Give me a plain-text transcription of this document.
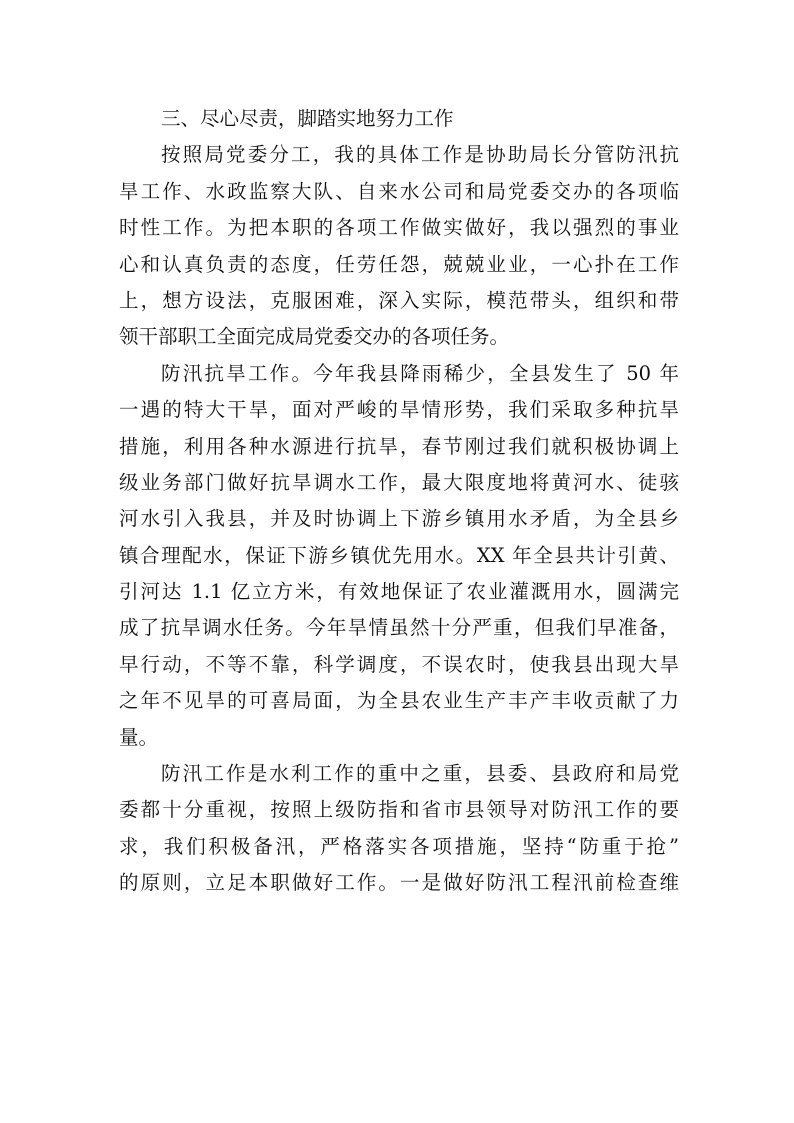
三、尽心尽责，脚踏实地努力工作

按照局党委分工，我的具体工作是协助局长分管防汛抗
旱工作、水政监察大队、自来水公司和局党委交办的各项临
时性工作。为把本职的各项工作做实做好，我以强烈的事业
心和认真负责的态度，任劳任怨，兢兢业业，一心扑在工作
上，想方设法，克服困难，深入实际，模范带头，组织和带
领干部职工全面完成局党委交办的各项任务。
防汛抗旱工作。今年我县降雨稀少，全县发生了 50 年
一遇的特大干旱，面对严峻的旱情形势，我们采取多种抗旱
措施，利用各种水源进行抗旱，春节刚过我们就积极协调上
级业务部门做好抗旱调水工作，最大限度地将黄河水、徒骇
河水引入我县，并及时协调上下游乡镇用水矛盾，为全县乡
镇合理配水，保证下游乡镇优先用水。XX 年全县共计引黄、
引河达 1.1 亿立方米，有效地保证了农业灌溉用水，圆满完
成了抗旱调水任务。今年旱情虽然十分严重，但我们早准备，
早行动，不等不靠，科学调度，不误农时，使我县出现大旱
之年不见旱的可喜局面，为全县农业生产丰产丰收贡献了力
量。
防汛工作是水利工作的重中之重，县委、县政府和局党
委都十分重视，按照上级防指和省市县领导对防汛工作的要
求，我们积极备汛，严格落实各项措施，坚持“防重于抢”
的原则，立足本职做好工作。一是做好防汛工程汛前检查维
